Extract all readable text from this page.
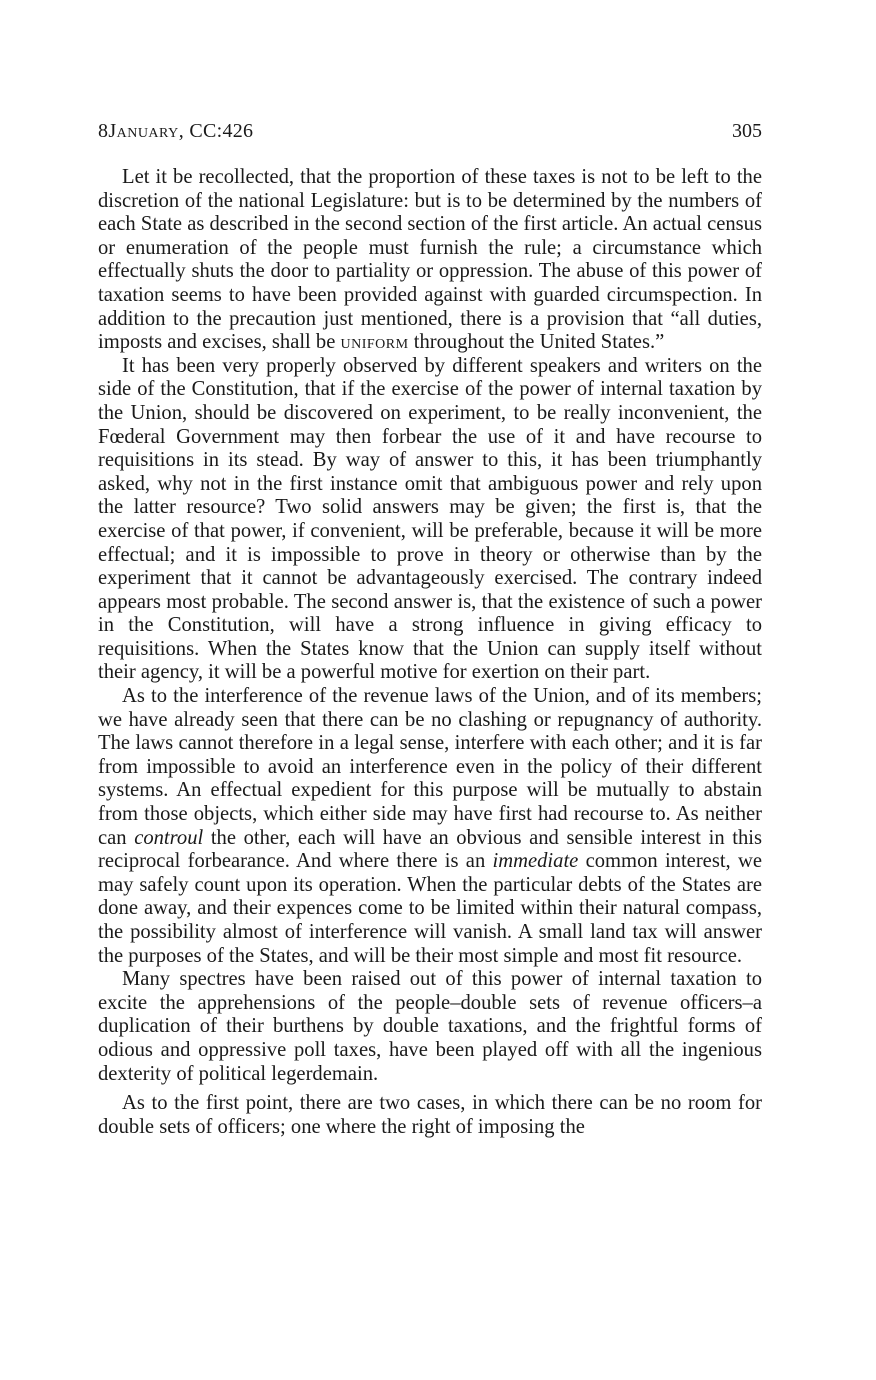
8January, CC:426	305

Let it be recollected, that the proportion of these taxes is not to be left to the discretion of the national Legislature: but is to be determined by the numbers of each State as described in the second section of the first article. An actual census or enumeration of the people must furnish the rule; a circumstance which effectually shuts the door to partiality or oppression. The abuse of this power of taxation seems to have been provided against with guarded circumspection. In addition to the precaution just mentioned, there is a provision that “all duties, imposts and excises, shall be uniform throughout the United States.”

It has been very properly observed by different speakers and writers on the side of the Constitution, that if the exercise of the power of internal taxation by the Union, should be discovered on experiment, to be really inconvenient, the Fœderal Government may then forbear the use of it and have recourse to requisitions in its stead. By way of answer to this, it has been triumphantly asked, why not in the first instance omit that ambiguous power and rely upon the latter resource? Two solid answers may be given; the first is, that the exercise of that power, if convenient, will be preferable, because it will be more effectual; and it is impossible to prove in theory or otherwise than by the experiment that it cannot be advantageously exercised. The contrary indeed appears most probable. The second answer is, that the existence of such a power in the Constitution, will have a strong influence in giving efficacy to requisitions. When the States know that the Union can supply itself without their agency, it will be a powerful motive for exertion on their part.

As to the interference of the revenue laws of the Union, and of its members; we have already seen that there can be no clashing or repugnancy of authority. The laws cannot therefore in a legal sense, interfere with each other; and it is far from impossible to avoid an interference even in the policy of their different systems. An effectual expedient for this purpose will be mutually to abstain from those objects, which either side may have first had recourse to. As neither can controul the other, each will have an obvious and sensible interest in this reciprocal forbearance. And where there is an immediate common interest, we may safely count upon its operation. When the particular debts of the States are done away, and their expences come to be limited within their natural compass, the possibility almost of interference will vanish. A small land tax will answer the purposes of the States, and will be their most simple and most fit resource.

Many spectres have been raised out of this power of internal taxation to excite the apprehensions of the people–double sets of revenue officers–a duplication of their burthens by double taxations, and the frightful forms of odious and oppressive poll taxes, have been played off with all the ingenious dexterity of political legerdemain.

As to the first point, there are two cases, in which there can be no room for double sets of officers; one where the right of imposing the
